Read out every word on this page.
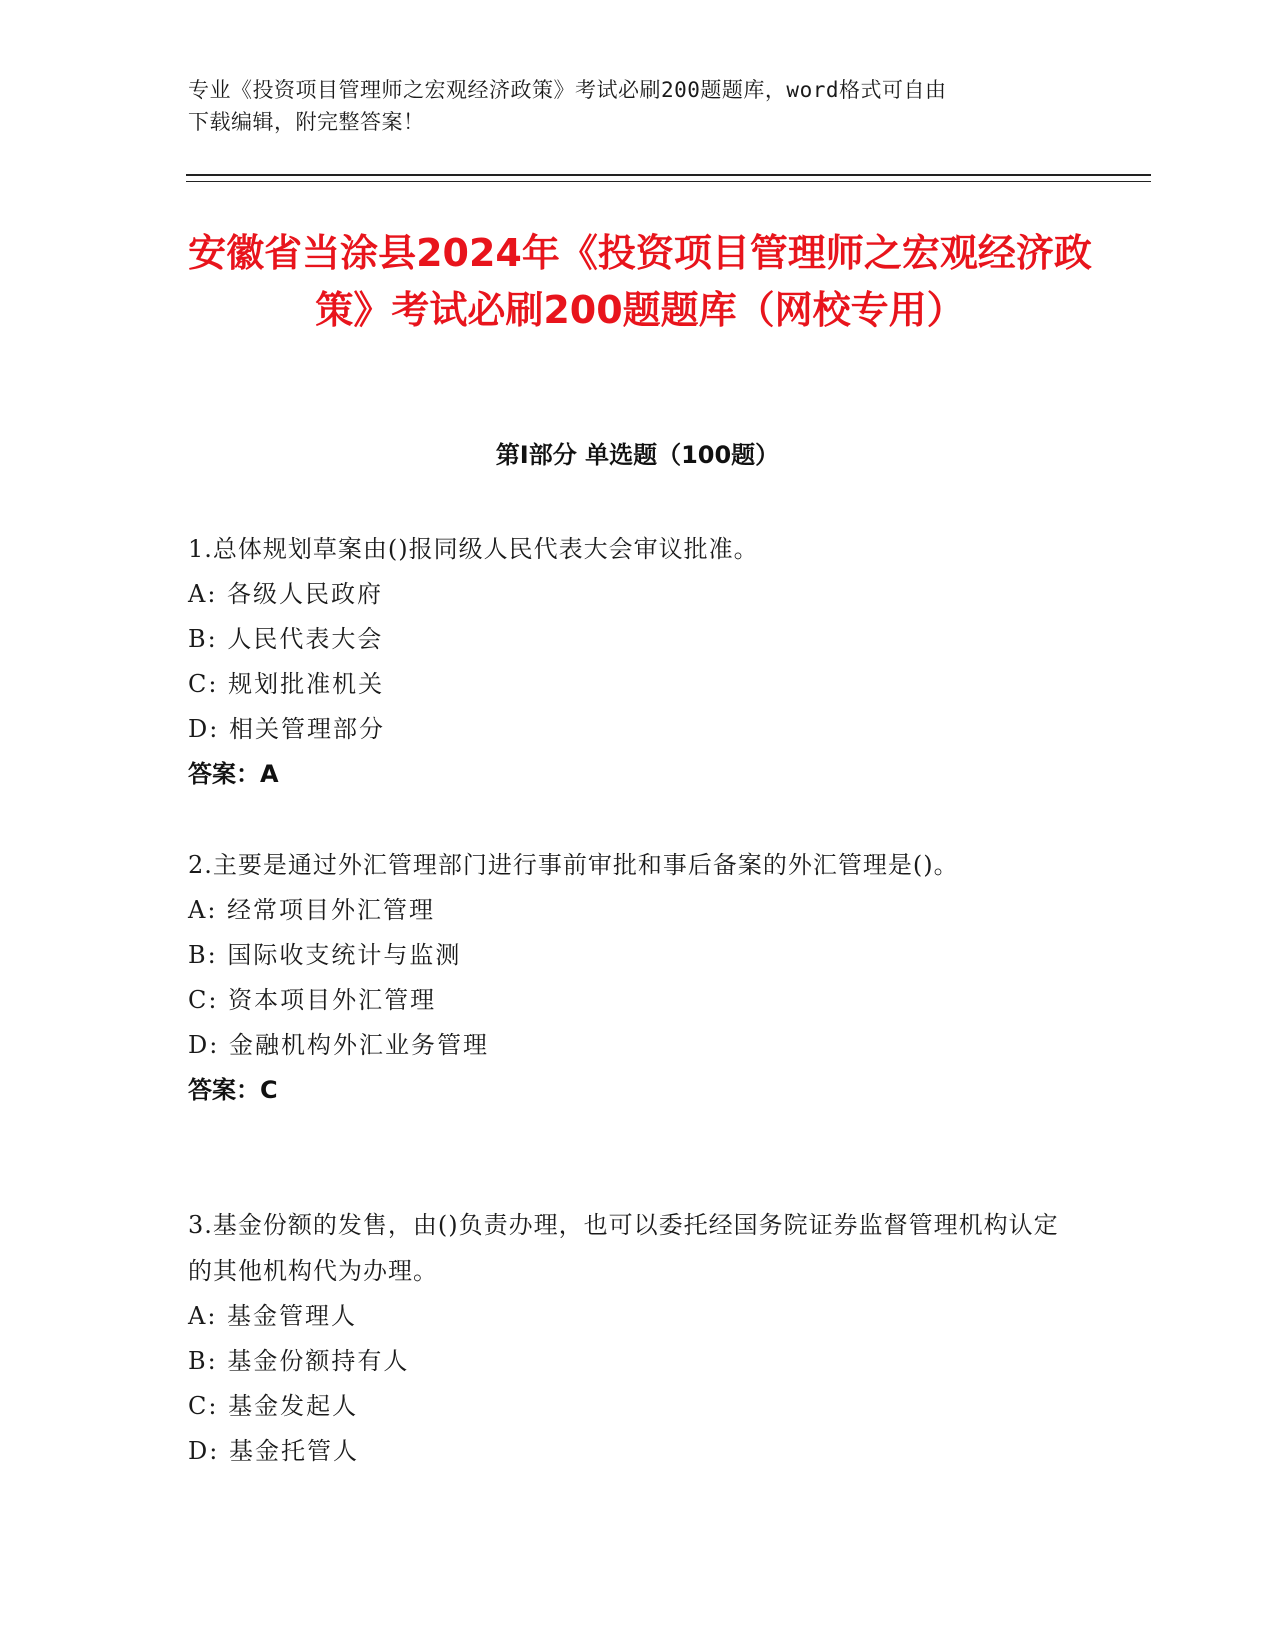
专业《投资项目管理师之宏观经济政策》考试必刷200题题库，word格式可自由
下载编辑，附完整答案！
安徽省当涂县2024年《投资项目管理师之宏观经济政策》考试必刷200题题库（网校专用）
第Ⅰ部分 单选题（100题）
1.总体规划草案由()报同级人民代表大会审议批准。
A: 各级人民政府
B: 人民代表大会
C: 规划批准机关
D: 相关管理部分
答案：A
2.主要是通过外汇管理部门进行事前审批和事后备案的外汇管理是()。
A: 经常项目外汇管理
B: 国际收支统计与监测
C: 资本项目外汇管理
D: 金融机构外汇业务管理
答案：C
3.基金份额的发售，由()负责办理，也可以委托经国务院证券监督管理机构认定的其他机构代为办理。
A: 基金管理人
B: 基金份额持有人
C: 基金发起人
D: 基金托管人
